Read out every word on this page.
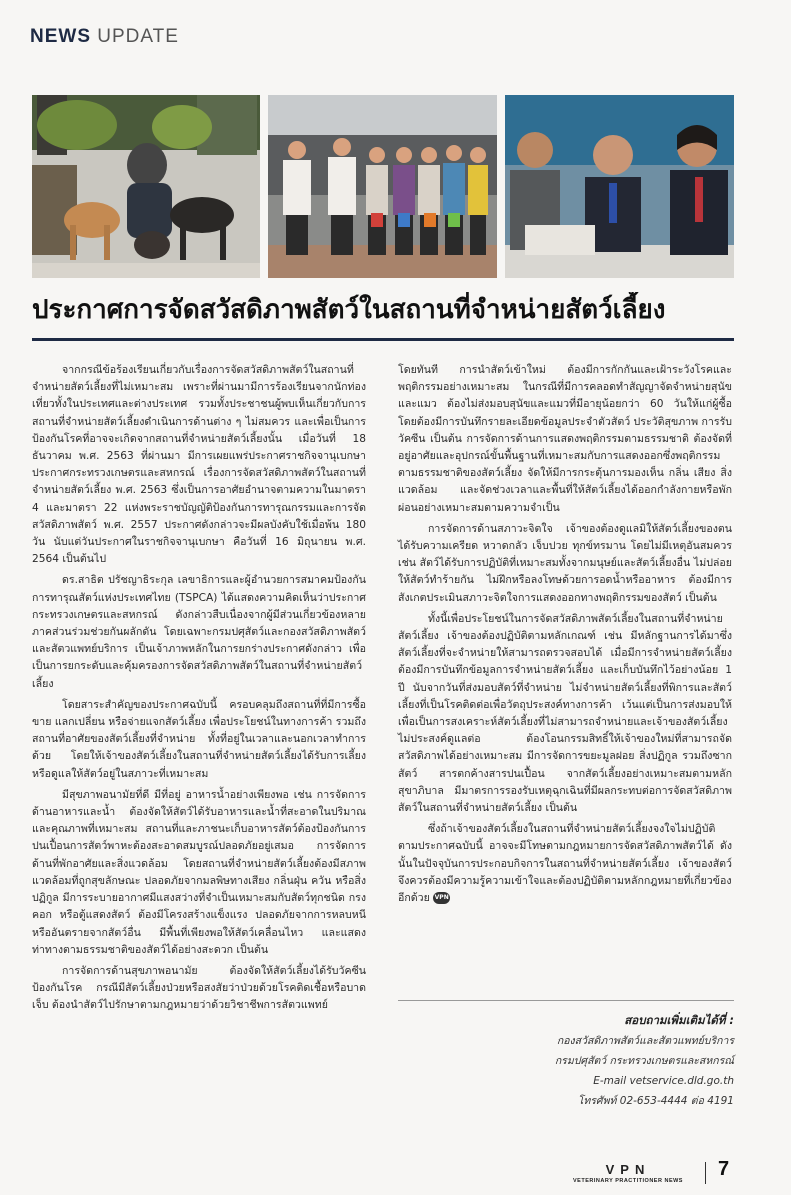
NEWS UPDATE
ประกาศการจัดสวัสดิภาพสัตว์ในสถานที่จำหน่ายสัตว์เลี้ยง

จากกรณีข้อร้องเรียนเกี่ยวกับเรื่องการจัดสวัสดิภาพสัตว์ในสถานที่จำหน่ายสัตว์เลี้ยงที่ไม่เหมาะสม เพราะที่ผ่านมามีการร้องเรียนจากนักท่องเที่ยวทั้งในประเทศและต่างประเทศ รวมทั้งประชาชนผู้พบเห็นเกี่ยวกับการสถานที่จำหน่ายสัตว์เลี้ยงดำเนินการด้านต่าง ๆ ไม่สมควร และเพื่อเป็นการป้องกันโรคที่อาจจะเกิดจากสถานที่จำหน่ายสัตว์เลี้ยงนั้น เมื่อวันที่ 18 ธันวาคม พ.ศ. 2563 ที่ผ่านมา มีการเผยแพร่ประกาศราชกิจจานุเบกษา ประกาศกระทรวงเกษตรและสหกรณ์ เรื่องการจัดสวัสดิภาพสัตว์ในสถานที่จำหน่ายสัตว์เลี้ยง พ.ศ. 2563 ซึ่งเป็นการอาศัยอำนาจตามความในมาตรา 4 และมาตรา 22 แห่งพระราชบัญญัติป้องกันการทารุณกรรมและการจัดสวัสดิภาพสัตว์ พ.ศ. 2557 ประกาศดังกล่าวจะมีผลบังคับใช้เมื่อพ้น 180 วัน นับแต่วันประกาศในราชกิจจานุเบกษา คือวันที่ 16 มิถุนายน พ.ศ. 2564 เป็นต้นไป

ดร.สาธิต ปรัชญาธิระกุล เลขาธิการและผู้อำนวยการสมาคมป้องกันการทารุณสัตว์แห่งประเทศไทย (TSPCA) ได้แสดงความคิดเห็นว่าประกาศกระทรวงเกษตรและสหกรณ์ ดังกล่าวสืบเนื่องจากผู้มีส่วนเกี่ยวข้องหลายภาคส่วนร่วมช่วยกันผลักดัน โดยเฉพาะกรมปศุสัตว์และกองสวัสดิภาพสัตว์และสัตวแพทย์บริการ เป็นเจ้าภาพหลักในการยกร่างประกาศดังกล่าว เพื่อเป็นการยกระดับและคุ้มครองการจัดสวัสดิภาพสัตว์ในสถานที่จำหน่ายสัตว์เลี้ยง

โดยสาระสำคัญของประกาศฉบับนี้ ครอบคลุมถึงสถานที่ที่มีการซื้อ ขาย แลกเปลี่ยน หรือจ่ายแจกสัตว์เลี้ยง เพื่อประโยชน์ในทางการค้า รวมถึงสถานที่อาศัยของสัตว์เลี้ยงที่จำหน่าย ทั้งที่อยู่ในเวลาและนอกเวลาทำการด้วย โดยให้เจ้าของสัตว์เลี้ยงในสถานที่จำหน่ายสัตว์เลี้ยงได้รับการเลี้ยงหรือดูแลให้สัตว์อยู่ในสภาวะที่เหมาะสม

มีสุขภาพอนามัยที่ดี มีที่อยู่ อาหารน้ำอย่างเพียงพอ เช่น การจัดการด้านอาหารและน้ำ ต้องจัดให้สัตว์ได้รับอาหารและน้ำที่สะอาดในปริมาณและคุณภาพที่เหมาะสม สถานที่และภาชนะเก็บอาหารสัตว์ต้องป้องกันการปนเปื้อนการสัตว์พาหะต้องสะอาดสมบูรณ์ปลอดภัยอยู่เสมอ การจัดการด้านที่พักอาศัยและสิ่งแวดล้อม โดยสถานที่จำหน่ายสัตว์เลี้ยงต้องมีสภาพแวดล้อมที่ถูกสุขลักษณะ ปลอดภัยจากมลพิษทางเสียง กลิ่นฝุ่น ควัน หรือสิ่งปฏิกูล มีการระบายอากาศมีแสงสว่างที่จำเป็นเหมาะสมกับสัตว์ทุกชนิด กรง คอก หรือตู้แสดงสัตว์ ต้องมีโครงสร้างแข็งแรง ปลอดภัยจากการหลบหนี หรืออันตรายจากสัตว์อื่น มีพื้นที่เพียงพอให้สัตว์เคลื่อนไหว และแสดงท่าทางตามธรรมชาติของสัตว์ได้อย่างสะดวก เป็นต้น

การจัดการด้านสุขภาพอนามัย ต้องจัดให้สัตว์เลี้ยงได้รับวัคซีนป้องกันโรค กรณีมีสัตว์เลี้ยงป่วยหรือสงสัยว่าป่วยด้วยโรคติดเชื้อหรือบาดเจ็บ ต้องนำสัตว์ไปรักษาตามกฎหมายว่าด้วยวิชาชีพการสัตวแพทย์

โดยทันที การนำสัตว์เข้าใหม่ ต้องมีการกักกันและเฝ้าระวังโรคและพฤติกรรมอย่างเหมาะสม ในกรณีที่มีการคลอดทำสัญญาจัดจำหน่ายสุนัขและแมว ต้องไม่ส่งมอบสุนัขและแมวที่มีอายุน้อยกว่า 60 วันให้แก่ผู้ซื้อ โดยต้องมีการบันทึกรายละเอียดข้อมูลประจำตัวสัตว์ ประวัติสุขภาพ การรับวัคซีน เป็นต้น การจัดการด้านการแสดงพฤติกรรมตามธรรมชาติ ต้องจัดที่อยู่อาศัยและอุปกรณ์ขั้นพื้นฐานที่เหมาะสมกับการแสดงออกซึ่งพฤติกรรมตามธรรมชาติของสัตว์เลี้ยง จัดให้มีการกระตุ้นการมองเห็น กลิ่น เสียง สิ่งแวดล้อม และจัดช่วงเวลาและพื้นที่ให้สัตว์เลี้ยงได้ออกกำลังกายหรือพักผ่อนอย่างเหมาะสมตามความจำเป็น

การจัดการด้านสภาวะจิตใจ เจ้าของต้องดูแลมิให้สัตว์เลี้ยงของตนได้รับความเครียด หวาดกลัว เจ็บปวย ทุกข์ทรมาน โดยไม่มีเหตุอันสมควร เช่น สัตว์ได้รับการปฏิบัติที่เหมาะสมทั้งจากมนุษย์และสัตว์เลี้ยงอื่น ไม่ปล่อยให้สัตว์ทำร้ายกัน ไม่ฝึกหรือลงโทษด้วยการอดน้ำหรืออาหาร ต้องมีการสังเกตประเมินสภาวะจิตใจการแสดงออกทางพฤติกรรมของสัตว์ เป็นต้น

ทั้งนี้เพื่อประโยชน์ในการจัดสวัสดิภาพสัตว์เลี้ยงในสถานที่จำหน่ายสัตว์เลี้ยง เจ้าของต้องปฏิบัติตามหลักเกณฑ์ เช่น มีหลักฐานการได้มาซึ่งสัตว์เลี้ยงที่จะจำหน่ายให้สามารถตรวจสอบได้ เมื่อมีการจำหน่ายสัตว์เลี้ยงต้องมีการบันทึกข้อมูลการจำหน่ายสัตว์เลี้ยง และเก็บบันทึกไว้อย่างน้อย 1 ปี นับจากวันที่ส่งมอบสัตว์ที่จำหน่าย ไม่จำหน่ายสัตว์เลี้ยงที่พิการและสัตว์เลี้ยงที่เป็นโรคติดต่อเพื่อวัตถุประสงค์ทางการค้า เว้นแต่เป็นการส่งมอบให้เพื่อเป็นการสงเคราะห์สัตว์เลี้ยงที่ไม่สามารถจำหน่ายและเจ้าของสัตว์เลี้ยงไม่ประสงค์ดูแลต่อ ต้องโอนกรรมสิทธิ์ให้เจ้าของใหม่ที่สามารถจัดสวัสดิภาพได้อย่างเหมาะสม มีการจัดการขยะมูลฝอย สิ่งปฏิกูล รวมถึงซากสัตว์ สารตกค้างสารปนเปื้อน จากสัตว์เลี้ยงอย่างเหมาะสมตามหลักสุขาภิบาล มีมาตรการรองรับเหตุฉุกเฉินที่มีผลกระทบต่อการจัดสวัสดิภาพสัตว์ในสถานที่จำหน่ายสัตว์เลี้ยง เป็นต้น

ซึ่งถ้าเจ้าของสัตว์เลี้ยงในสถานที่จำหน่ายสัตว์เลี้ยงจงใจไม่ปฏิบัติตามประกาศฉบับนี้ อาจจะมีโทษตามกฎหมายการจัดสวัสดิภาพสัตว์ได้ ดังนั้นในปัจจุบันการประกอบกิจการในสถานที่จำหน่ายสัตว์เลี้ยง เจ้าของสัตว์จึงควรต้องมีความรู้ความเข้าใจและต้องปฏิบัติตามหลักกฎหมายที่เกี่ยวข้องอีกด้วย VPN

สอบถามเพิ่มเติมได้ที่ :
กองสวัสดิภาพสัตว์และสัตวแพทย์บริการ
กรมปศุสัตว์ กระทรวงเกษตรและสหกรณ์
E-mail vetservice.dld.go.th
โทรศัพท์ 02-653-4444 ต่อ 4191
VPN
VETERINARY PRACTITIONER NEWS
7
